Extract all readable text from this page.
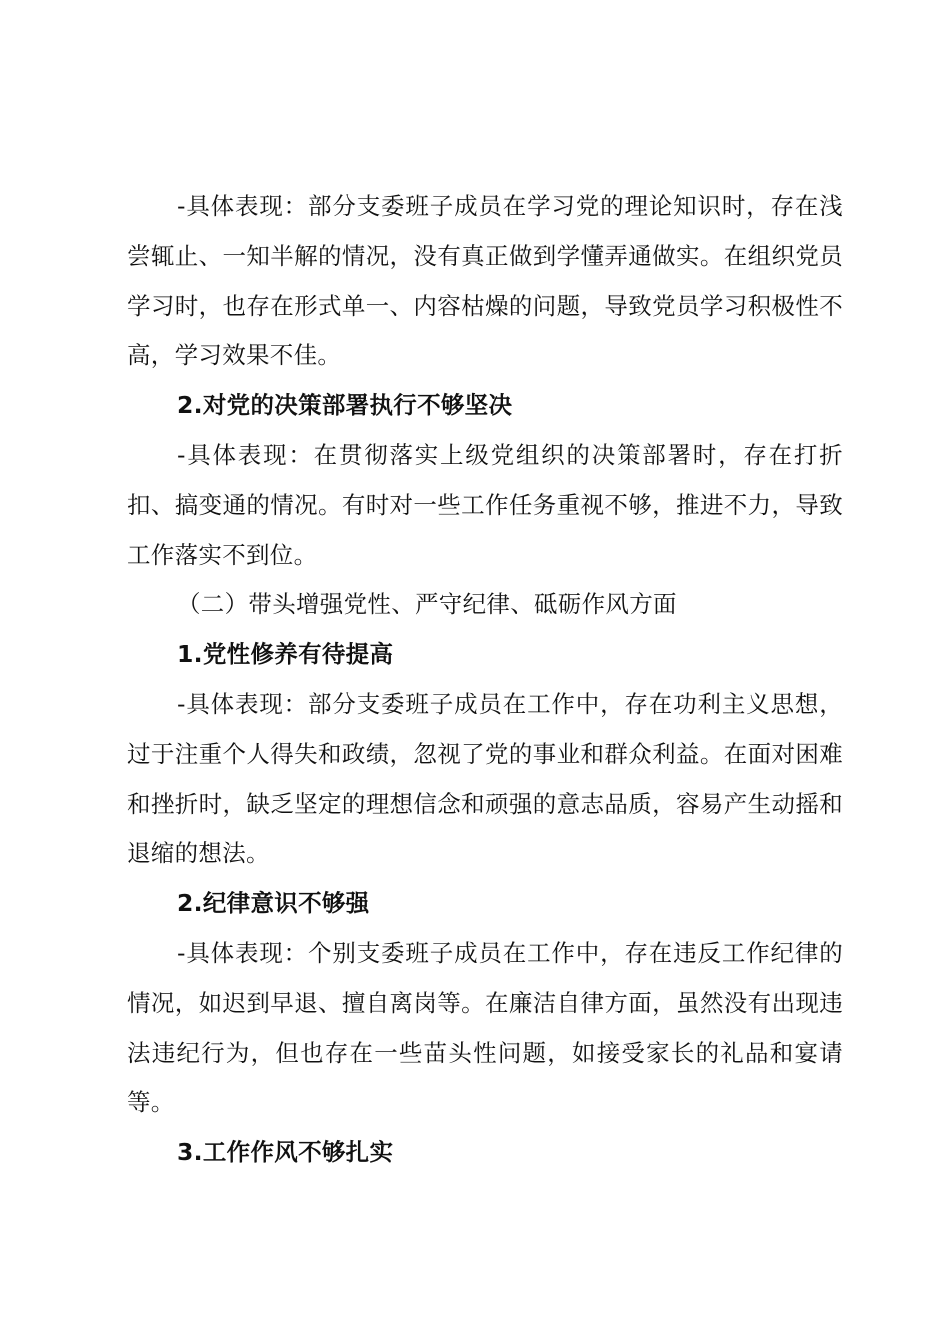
-具体表现：部分支委班子成员在学习党的理论知识时，存在浅尝辄止、一知半解的情况，没有真正做到学懂弄通做实。在组织党员学习时，也存在形式单一、内容枯燥的问题，导致党员学习积极性不高，学习效果不佳。

2.对党的决策部署执行不够坚决

-具体表现：在贯彻落实上级党组织的决策部署时，存在打折扣、搞变通的情况。有时对一些工作任务重视不够，推进不力，导致工作落实不到位。

（二）带头增强党性、严守纪律、砥砺作风方面

1.党性修养有待提高

-具体表现：部分支委班子成员在工作中，存在功利主义思想，过于注重个人得失和政绩，忽视了党的事业和群众利益。在面对困难和挫折时，缺乏坚定的理想信念和顽强的意志品质，容易产生动摇和退缩的想法。

2.纪律意识不够强

-具体表现：个别支委班子成员在工作中，存在违反工作纪律的情况，如迟到早退、擅自离岗等。在廉洁自律方面，虽然没有出现违法违纪行为，但也存在一些苗头性问题，如接受家长的礼品和宴请等。

3.工作作风不够扎实
